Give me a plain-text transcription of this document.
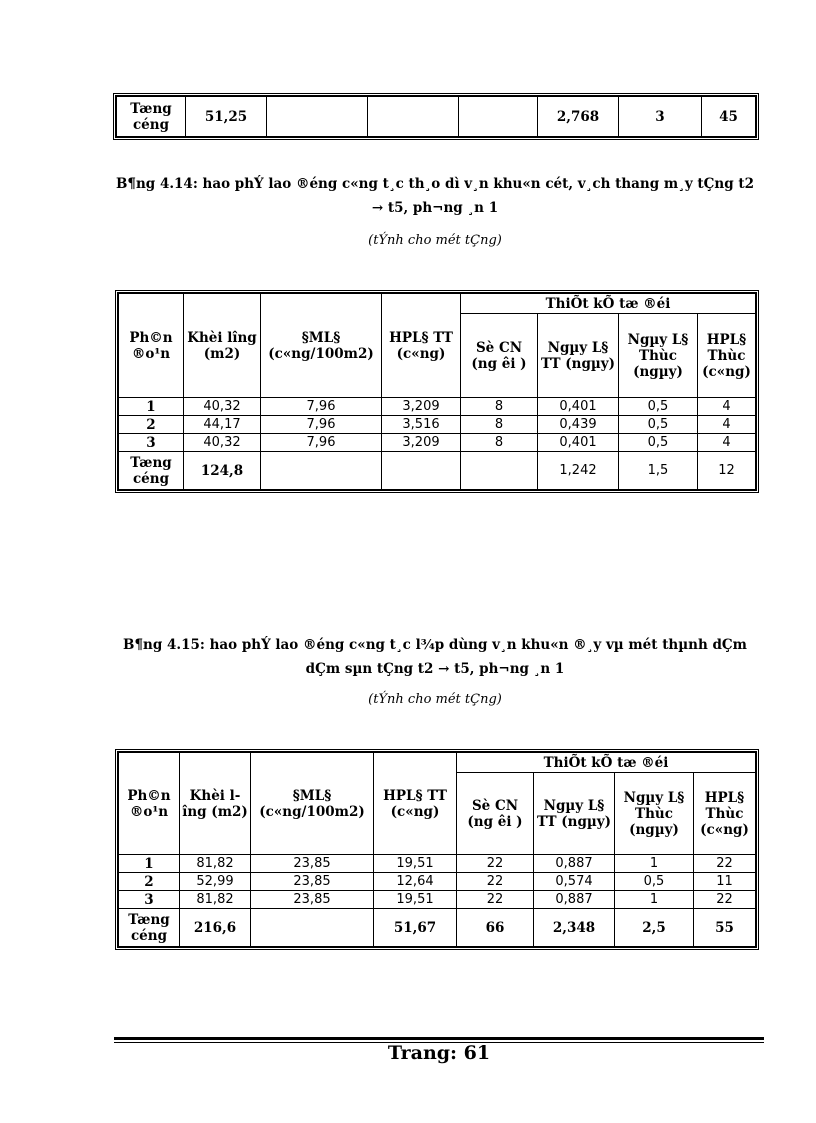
Tæng céng	51,25				2,768	3	45
B¶ng 4.14: hao phÝ lao ®éng c«ng t¸c th¸o dì v¸n khu«n cét, v¸ch thang m¸y tÇng t2
→ t5, ph¬ng ¸n 1
(tÝnh cho mét tÇng)
Ph©n ®o¹n	Khèi lîng (m2)	§ML§ (c«ng/100m2)	HPL§ TT (c«ng)	ThiÕt kÕ tæ ®éi			
				Sè CN (ng êi )	Ngµy L§ TT (ngµy)	Ngµy L§ Thùc (ngµy)	HPL§ Thùc (c«ng)
1	40,32	7,96	3,209	8	0,401	0,5	4
2	44,17	7,96	3,516	8	0,439	0,5	4
3	40,32	7,96	3,209	8	0,401	0,5	4
Tæng céng	124,8				1,242	1,5	12
B¶ng 4.15: hao phÝ lao ®éng c«ng t¸c l¾p dùng v¸n khu«n ®¸y vµ mét thµnh dÇm
dÇm sµn tÇng t2 → t5, ph¬ng ¸n 1
(tÝnh cho mét tÇng)
Ph©n ®o¹n	Khèi lîng (m2)	§ML§ (c«ng/100m2)	HPL§ TT (c«ng)	ThiÕt kÕ tæ ®éi			
				Sè CN (ng êi )	Ngµy L§ TT (ngµy)	Ngµy L§ Thùc (ngµy)	HPL§ Thùc (c«ng)
1	81,82	23,85	19,51	22	0,887	1	22
2	52,99	23,85	12,64	22	0,574	0,5	11
3	81,82	23,85	19,51	22	0,887	1	22
Tæng céng	216,6		51,67	66	2,348	2,5	55
Trang: 61
